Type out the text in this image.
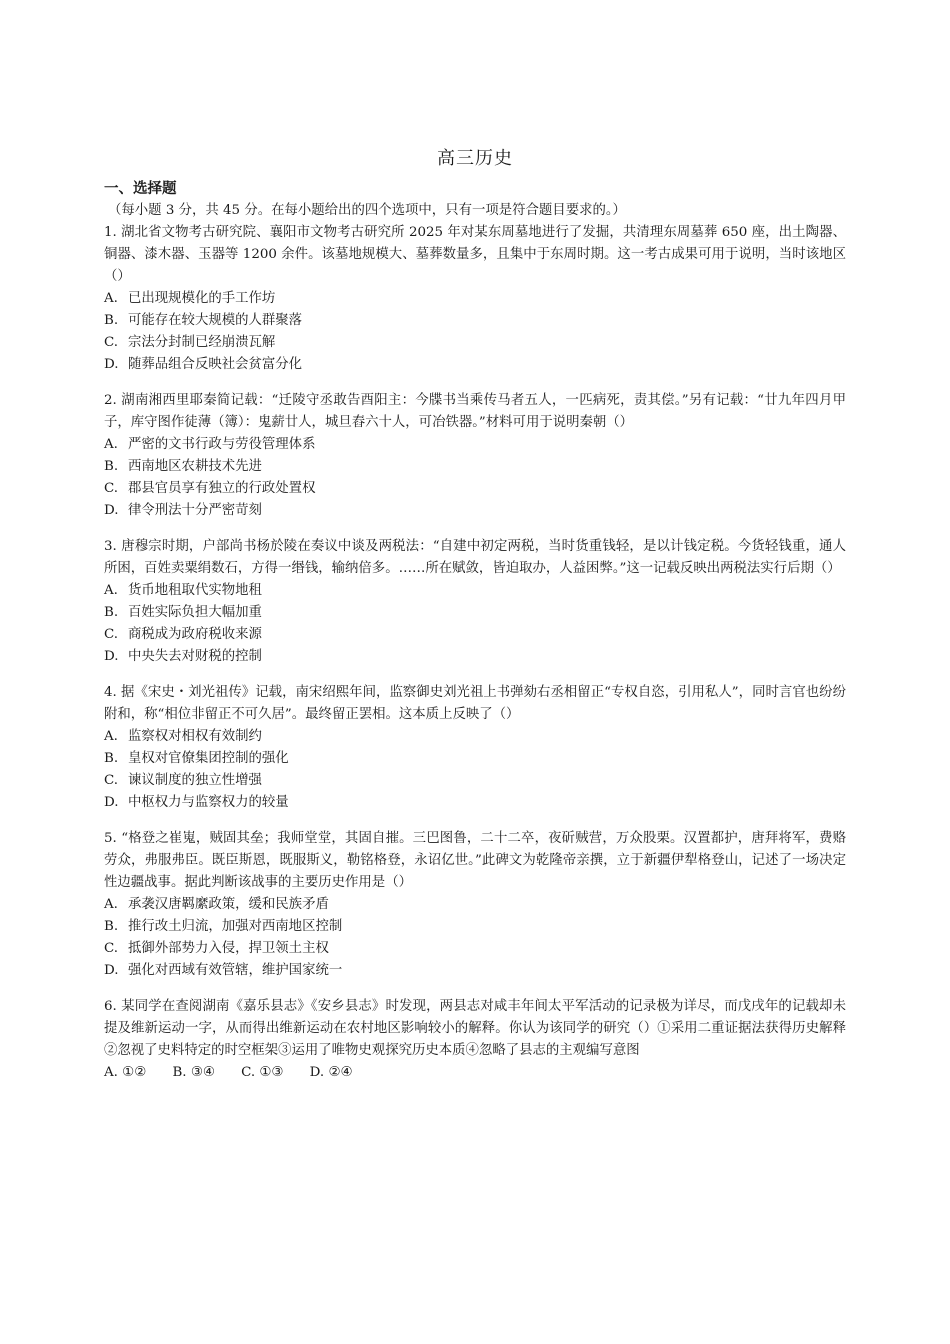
高三历史
一、选择题
（每小题 3 分，共 45 分。在每小题给出的四个选项中，只有一项是符合题目要求的。）

1. 湖北省文物考古研究院、襄阳市文物考古研究所 2025 年对某东周墓地进行了发掘，共清理东周墓葬 650 座，出土陶器、铜器、漆木器、玉器等 1200 余件。该墓地规模大、墓葬数量多，且集中于东周时期。这一考古成果可用于说明，当时该地区（）

A. 已出现规模化的手工作坊
B. 可能存在较大规模的人群聚落
C. 宗法分封制已经崩溃瓦解
D. 随葬品组合反映社会贫富分化

2. 湖南湘西里耶秦简记载：“迁陵守丞敢告酉阳主：今牒书当乘传马者五人，一匹病死，责其偿。”另有记载：“廿九年四月甲子，库守图作徒薄（簿）：鬼薪廿人，城旦舂六十人，可冶铁器。”材料可用于说明秦朝（）

A. 严密的文书行政与劳役管理体系
B. 西南地区农耕技术先进
C. 郡县官员享有独立的行政处置权
D. 律令刑法十分严密苛刻

3. 唐穆宗时期，户部尚书杨於陵在奏议中谈及两税法：“自建中初定两税，当时货重钱轻，是以计钱定税。今货轻钱重，通人所困，百姓卖粟绢数石，方得一缗钱，输纳倍多。……所在赋敛，皆迫取办，人益困弊。”这一记载反映出两税法实行后期（）

A. 货币地租取代实物地租
B. 百姓实际负担大幅加重
C. 商税成为政府税收来源
D. 中央失去对财税的控制

4. 据《宋史・刘光祖传》记载，南宋绍熙年间，监察御史刘光祖上书弹劾右丞相留正“专权自恣，引用私人”，同时言官也纷纷附和，称“相位非留正不可久居”。最终留正罢相。这本质上反映了（）

A. 监察权对相权有效制约
B. 皇权对官僚集团控制的强化
C. 谏议制度的独立性增强
D. 中枢权力与监察权力的较量

5. “格登之崔嵬，贼固其垒；我师堂堂，其固自摧。三巴图鲁，二十二卒，夜斫贼营，万众股栗。汉置都护，唐拜将军，费赂劳众，弗服弗臣。既臣斯恩，既服斯义，勒铭格登，永诏亿世。”此碑文为乾隆帝亲撰，立于新疆伊犁格登山，记述了一场决定性边疆战事。据此判断该战事的主要历史作用是（）

A. 承袭汉唐羁縻政策，缓和民族矛盾
B. 推行改土归流，加强对西南地区控制
C. 抵御外部势力入侵，捍卫领土主权
D. 强化对西域有效管辖，维护国家统一

6. 某同学在查阅湖南《嘉乐县志》《安乡县志》时发现，两县志对咸丰年间太平军活动的记录极为详尽，而戊戌年的记载却未提及维新运动一字，从而得出维新运动在农村地区影响较小的解释。你认为该同学的研究（）①采用二重证据法获得历史解释②忽视了史料特定的时空框架③运用了唯物史观探究历史本质④忽略了县志的主观编写意图

A. ①② B. ③④ C. ①③ D. ②④
